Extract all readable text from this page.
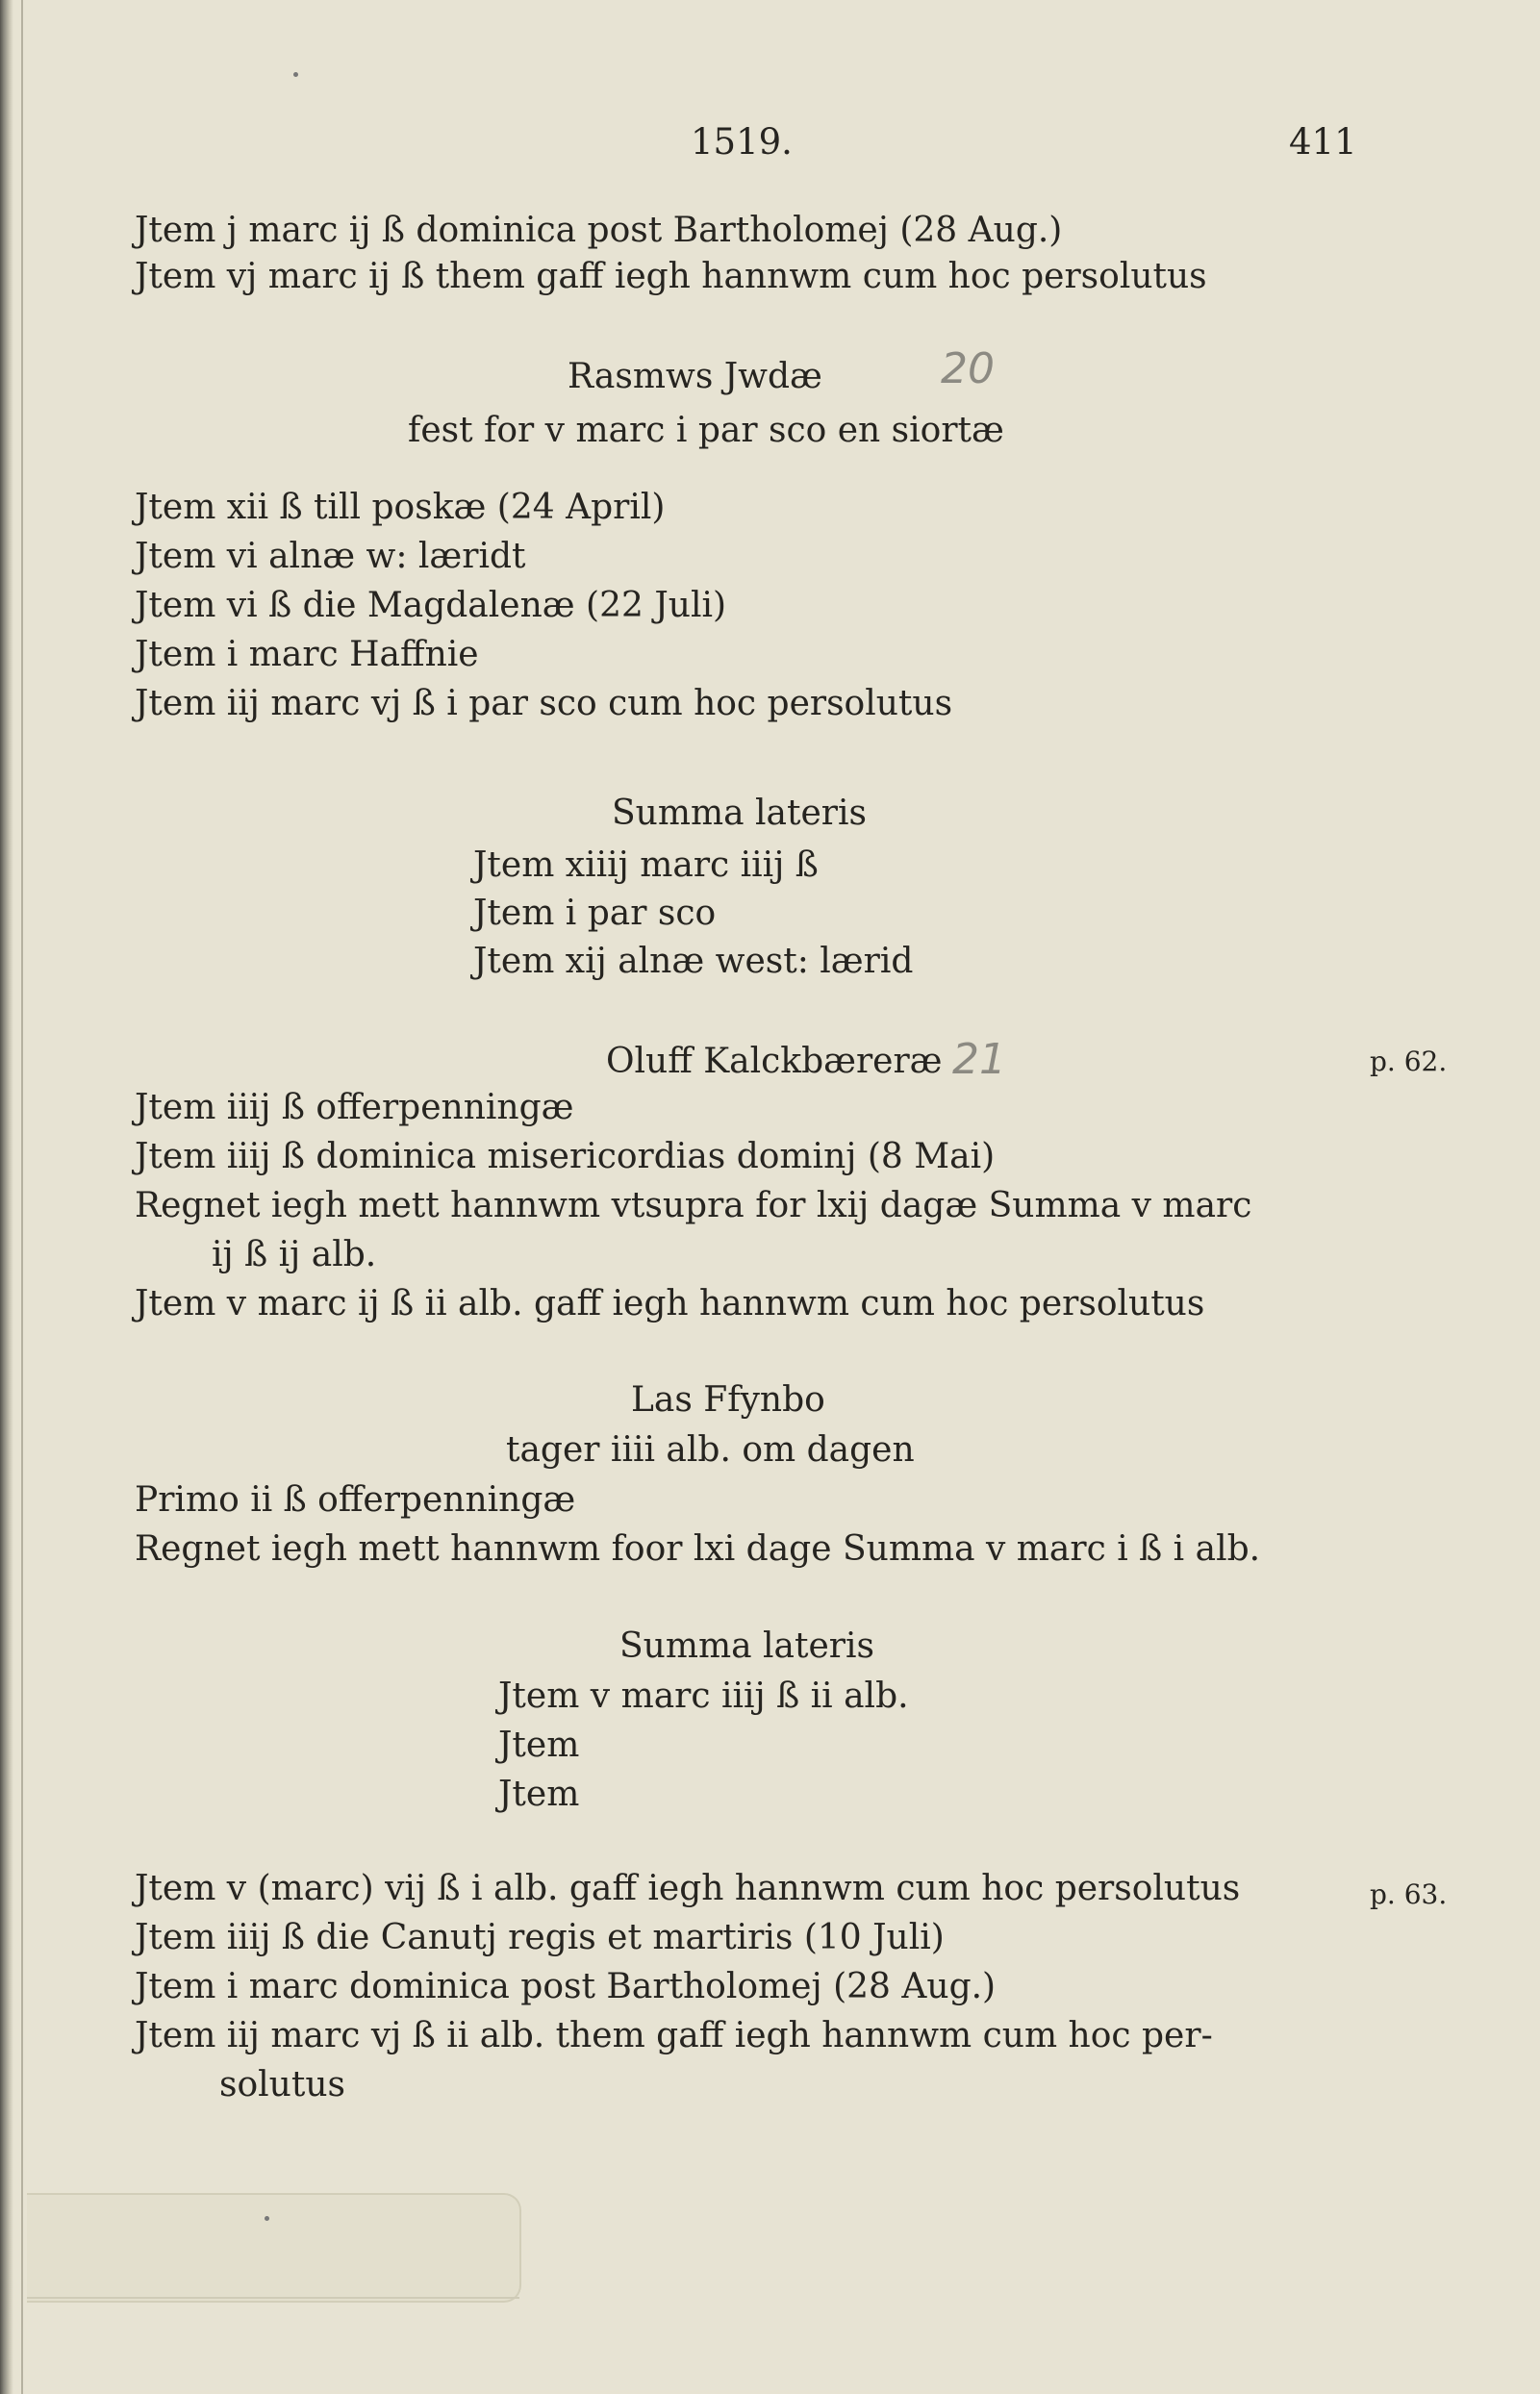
1519.	411
Jtem j marc ij ß dominica post Bartholomej (28 Aug.)
Jtem vj marc ij ß them gaff iegh hannwm cum hoc persolutus
Rasmws Jwdæ	20
fest for v marc i par sco en siortæ
Jtem xii ß till poskæ (24 April)
Jtem vi alnæ w: læridt
Jtem vi ß die Magdalenæ (22 Juli)
Jtem i marc Haffnie
Jtem iij marc vj ß i par sco cum hoc persolutus
Summa lateris
Jtem xiiij marc iiij ß
Jtem i par sco
Jtem xij alnæ west: lærid
Oluff Kalckbæreræ 21	p. 62.
Jtem iiij ß offerpenningæ
Jtem iiij ß dominica misericordias dominj (8 Mai)
Regnet iegh mett hannwm vtsupra for lxij dagæ Summa v marc
ij ß ij alb.
Jtem v marc ij ß ii alb. gaff iegh hannwm cum hoc persolutus
Las Ffynbo
tager iiii alb. om dagen
Primo ii ß offerpenningæ
Regnet iegh mett hannwm foor lxi dage Summa v marc i ß i alb.
Summa lateris
Jtem v marc iiij ß ii alb.
Jtem
Jtem
Jtem v (marc) vij ß i alb. gaff iegh hannwm cum hoc persolutus	p. 63.
Jtem iiij ß die Canutj regis et martiris (10 Juli)
Jtem i marc dominica post Bartholomej (28 Aug.)
Jtem iij marc vj ß ii alb. them gaff iegh hannwm cum hoc per-
solutus
